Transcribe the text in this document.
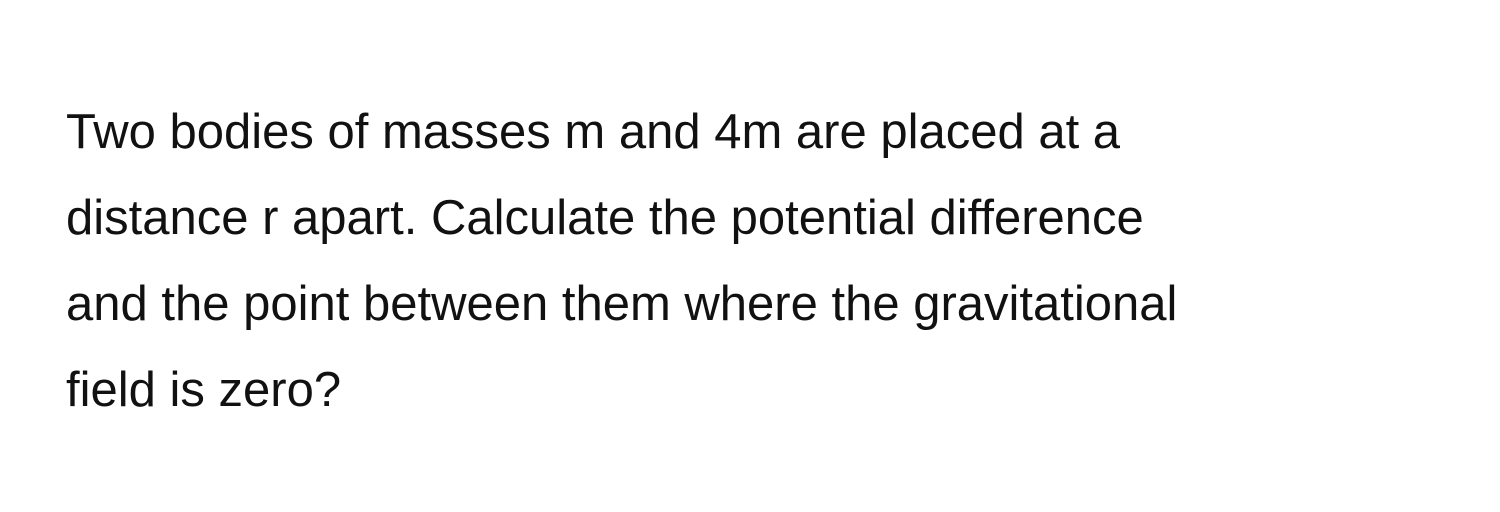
Two bodies of masses m and 4m are placed at a
distance r apart. Calculate the potential difference
and the point between them where the gravitational
field is zero?
